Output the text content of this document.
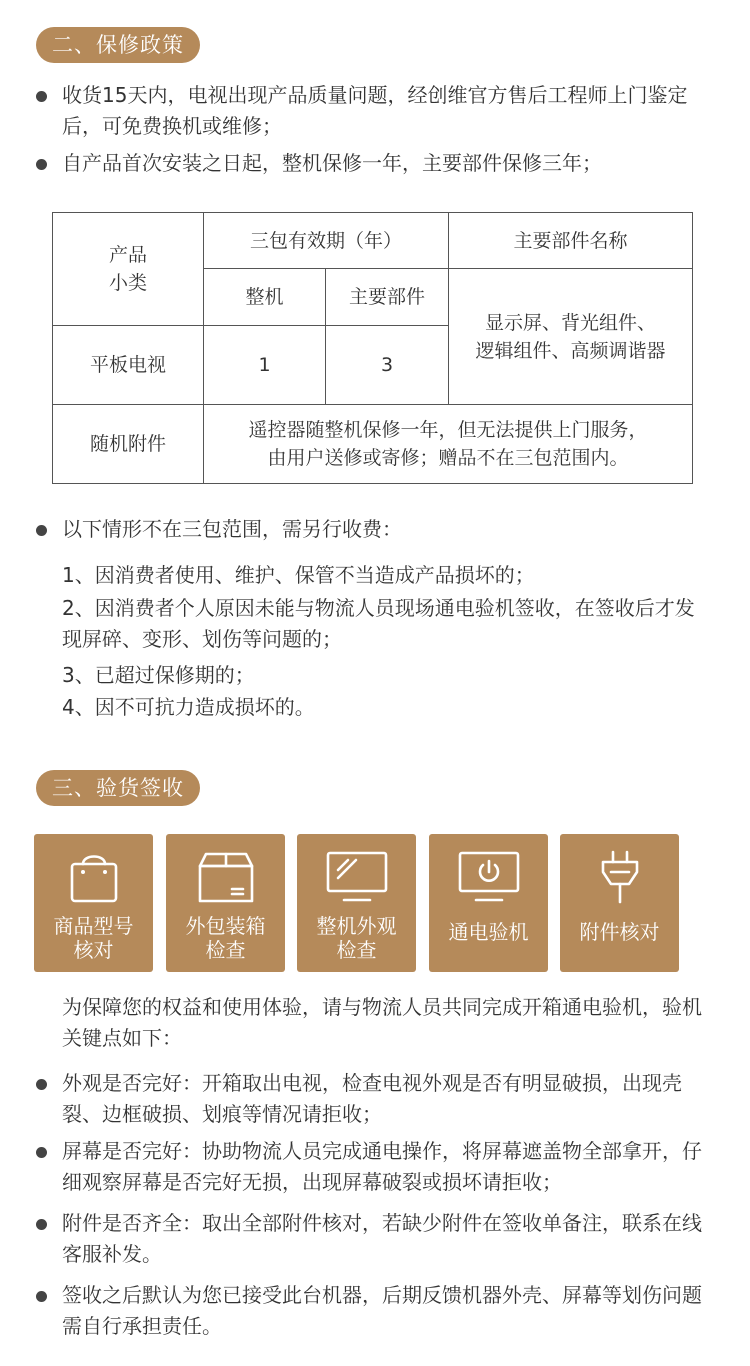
二、保修政策
收货15天内，电视出现产品质量问题，经创维官方售后工程师上门鉴定后，可免费换机或维修；
自产品首次安装之日起，整机保修一年，主要部件保修三年；
产品
小类	三包有效期（年）		主要部件名称
	整机	主要部件	显示屏、背光组件、
逻辑组件、高频调谐器
平板电视	1	3	
随机附件	遥控器随整机保修一年，但无法提供上门服务，
由用户送修或寄修；赠品不在三包范围内。		
以下情形不在三包范围，需另行收费：

1、因消费者使用、维护、保管不当造成产品损坏的；

2、因消费者个人原因未能与物流人员现场通电验机签收，在签收后才发现屏碎、变形、划伤等问题的；

3、已超过保修期的；

4、因不可抗力造成损坏的。

三、验货签收
商品型号
核对
外包装箱
检查
整机外观
检查
通电验机	附件核对

为保障您的权益和使用体验，请与物流人员共同完成开箱通电验机，验机关键点如下：

外观是否完好：开箱取出电视，检查电视外观是否有明显破损，出现壳裂、边框破损、划痕等情况请拒收；
屏幕是否完好：协助物流人员完成通电操作，将屏幕遮盖物全部拿开，仔细观察屏幕是否完好无损，出现屏幕破裂或损坏请拒收；
附件是否齐全：取出全部附件核对，若缺少附件在签收单备注，联系在线客服补发。
签收之后默认为您已接受此台机器，后期反馈机器外壳、屏幕等划伤问题需自行承担责任。
